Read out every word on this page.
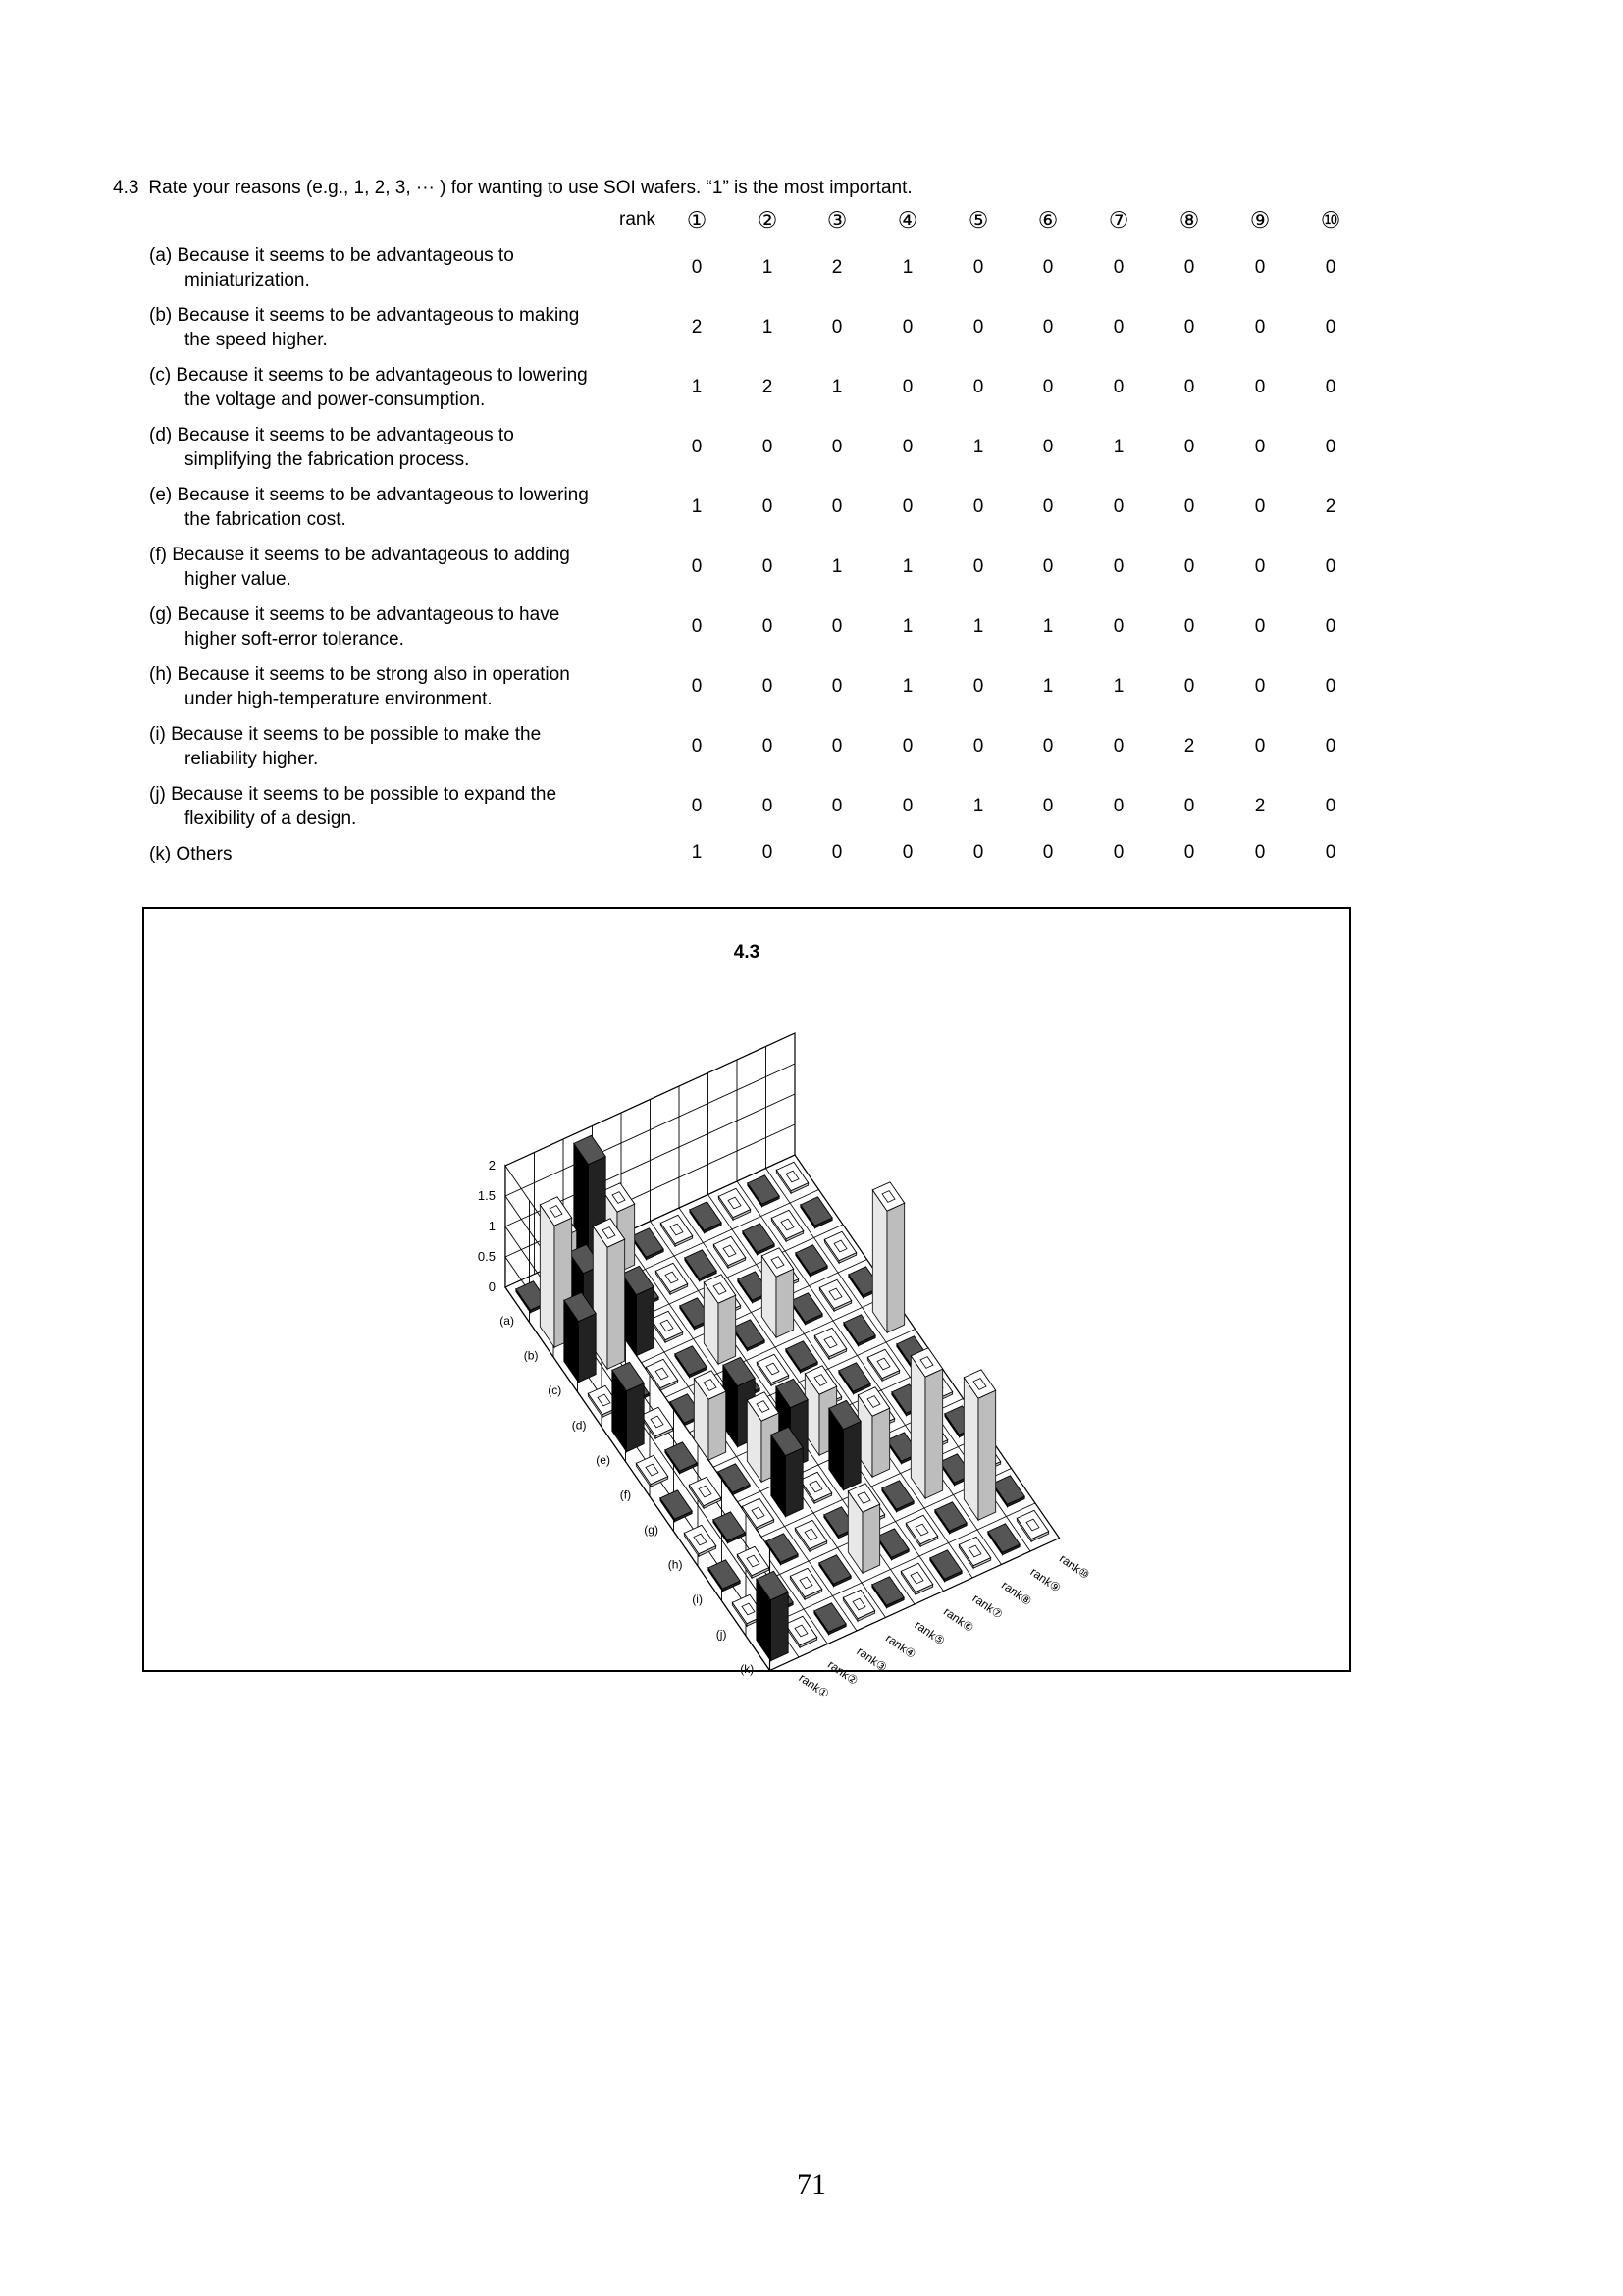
4.3 Rate your reasons (e.g., 1, 2, 3, ··· ) for wanting to use SOI wafers. “1” is the most important.
rank	①	②	③	④	⑤	⑥	⑦	⑧	⑨	⑩
(a) Because it seems to be advantageous to
miniaturization.
0	1	2	1	0	0	0	0	0	0
(b) Because it seems to be advantageous to making
the speed higher.
2	1	0	0	0	0	0	0	0	0
(c) Because it seems to be advantageous to lowering
the voltage and power-consumption.
1	2	1	0	0	0	0	0	0	0
(d) Because it seems to be advantageous to
simplifying the fabrication process.
0	0	0	0	1	0	1	0	0	0
(e) Because it seems to be advantageous to lowering
the fabrication cost.
1	0	0	0	0	0	0	0	0	2
(f) Because it seems to be advantageous to adding
higher value.
0	0	1	1	0	0	0	0	0	0
(g) Because it seems to be advantageous to have
higher soft-error tolerance.
0	0	0	1	1	1	0	0	0	0
(h) Because it seems to be strong also in operation
under high-temperature environment.
0	0	0	1	0	1	1	0	0	0
(i) Because it seems to be possible to make the
reliability higher.
0	0	0	0	0	0	0	2	0	0
(j) Because it seems to be possible to expand the
flexibility of a design.
0	0	0	0	1	0	0	0	2	0
(k) Others	1	0	0	0	0	0	0	0	0	0
0
0.5
1
1.5
2
(a)
(b)
(c)
(d)
(e)
(f)
(g)
(h)
(i)
(j)
(k)
rank①
rank②
rank③
rank④
rank⑤
rank⑥
rank⑦
rank⑧
rank⑨
rank⑩
4.3
71
